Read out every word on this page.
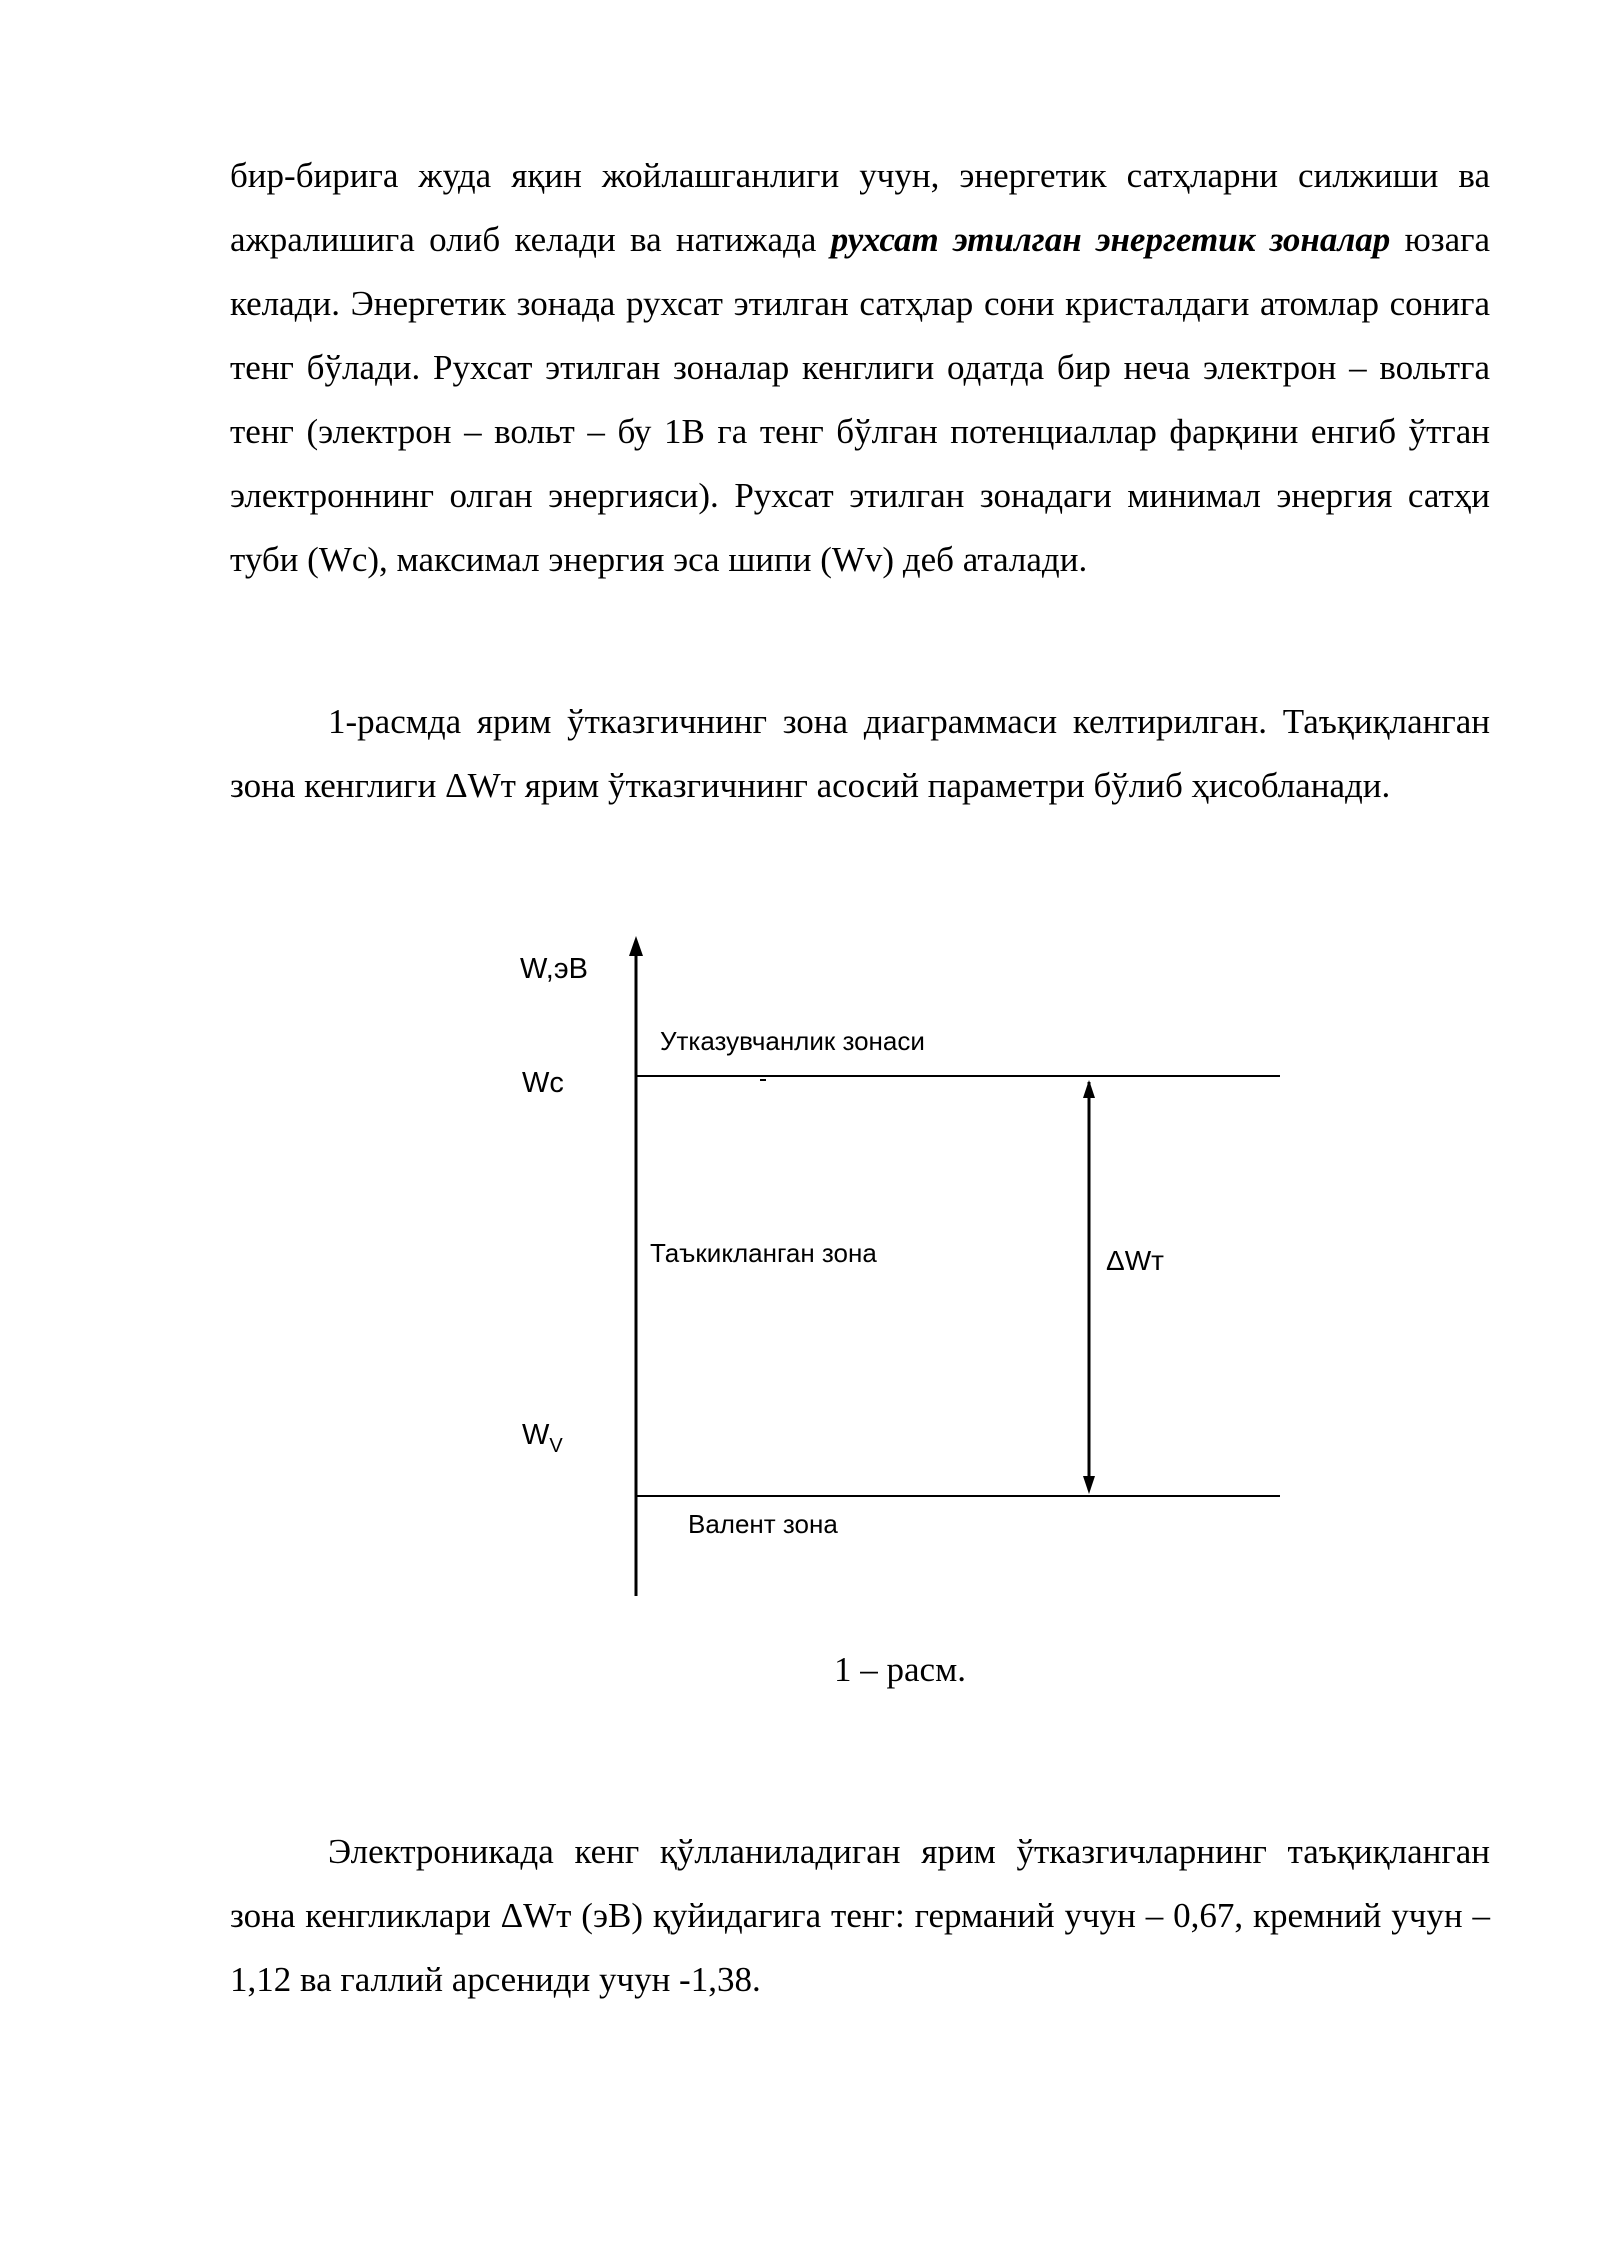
бир-бирига жуда яқин жойлашганлиги учун, энергетик сатҳларни силжиши ва ажралишига олиб келади ва натижада рухсат этилган энергетик зоналар юзага келади. Энергетик зонада рухсат этилган сатҳлар сони кристалдаги атомлар сонига тенг бўлади. Рухсат этилган зоналар кенглиги одатда бир неча электрон – вольтга тенг (электрон – вольт – бу 1В га тенг бўлган потенциаллар фарқини енгиб ўтган электроннинг олган энергияси). Рухсат этилган зонадаги минимал энергия сатҳи туби (Wс), максимал энергия эса шипи (Wv) деб аталади.

1-расмда ярим ўтказгичнинг зона диаграммаси келтирилган. Таъқиқланган зона кенглиги ΔWт ярим ўтказгичнинг асосий параметри бўлиб ҳисобланади.

W,эВ
Wc
Утказувчанлик зонаси
Таъкикланган зона	ΔWт
$W_V$
Валент зона
1 – расм.

Электроникада кенг қўлланиладиган ярим ўтказгичларнинг таъқиқланган зона кенгликлари ΔWт (эВ) қуйидагига тенг: германий учун – 0,67, кремний учун – 1,12 ва галлий арсениди учун -1,38.
